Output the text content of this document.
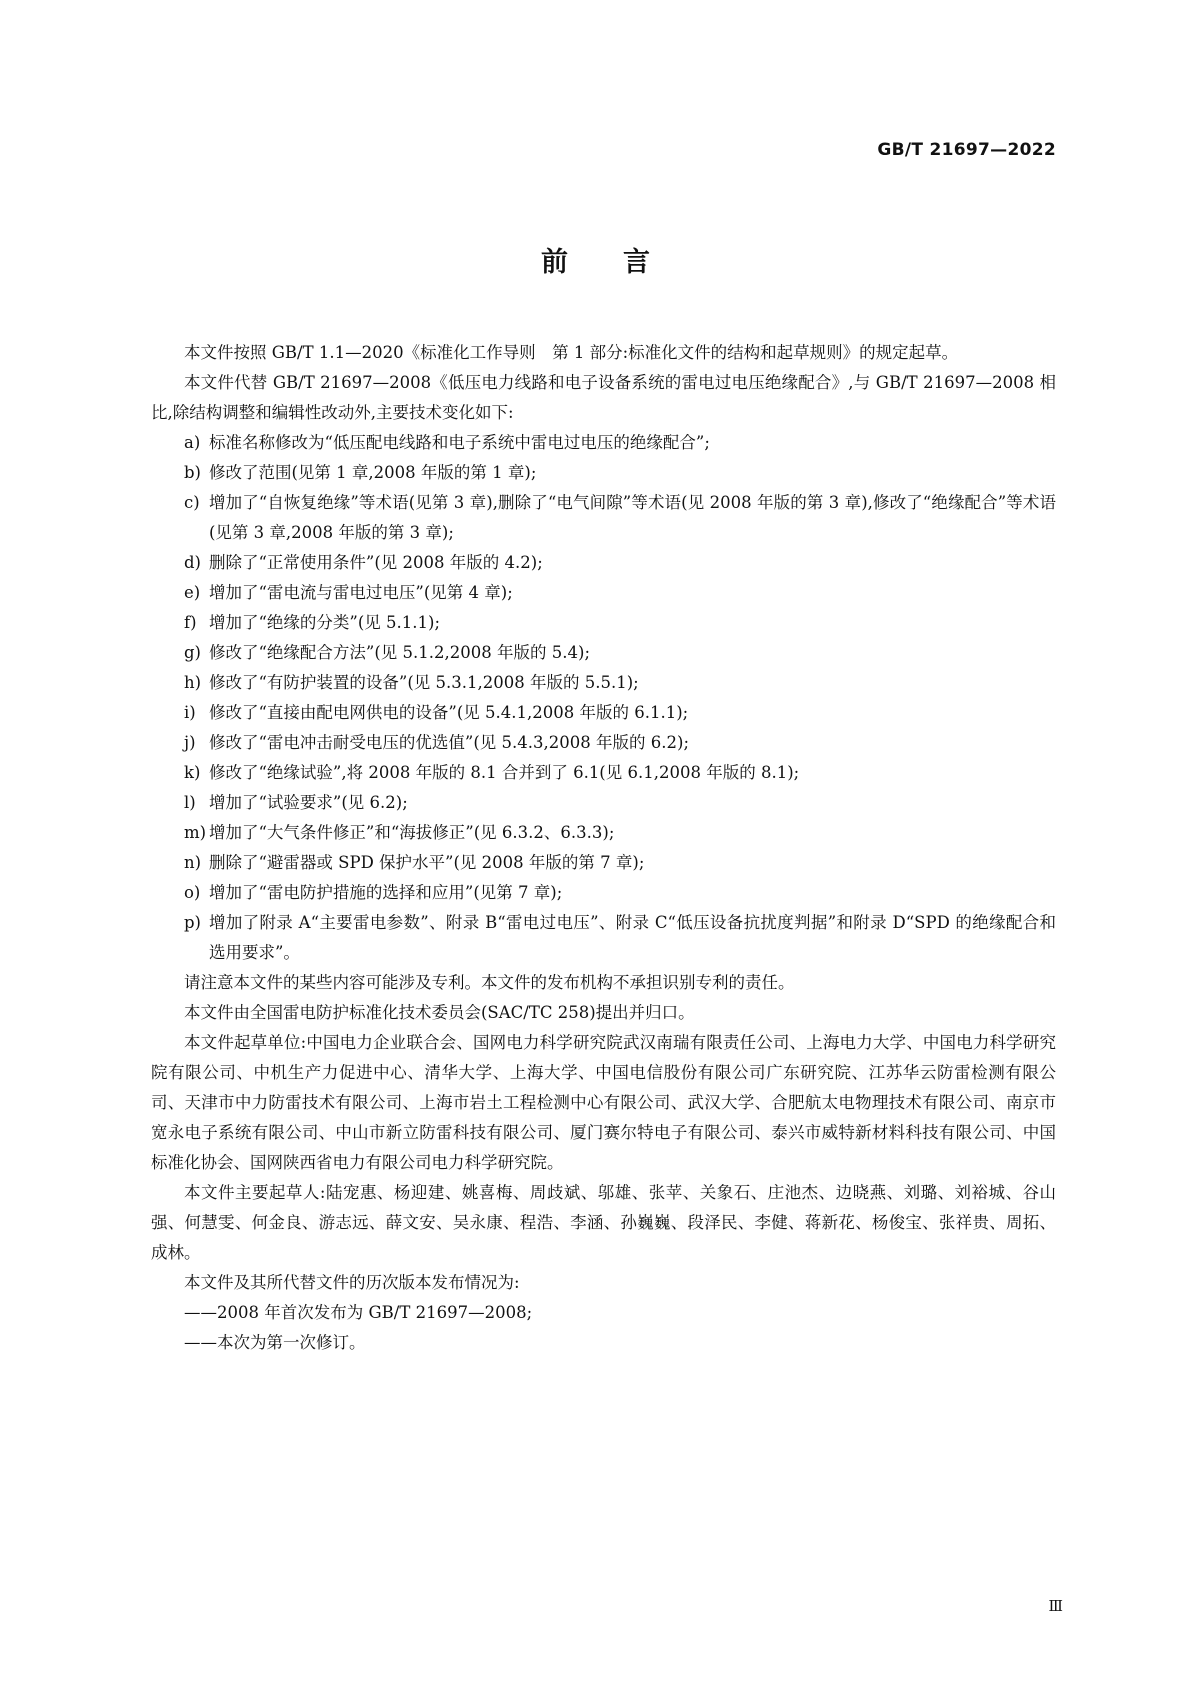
GB/T 21697—2022
前言

本文件按照 GB/T 1.1—2020《标准化工作导则　第 1 部分:标准化文件的结构和起草规则》的规定起草。

本文件代替 GB/T 21697—2008《低压电力线路和电子设备系统的雷电过电压绝缘配合》,与 GB/T 21697—2008 相比,除结构调整和编辑性改动外,主要技术变化如下:

a) 标准名称修改为“低压配电线路和电子系统中雷电过电压的绝缘配合”;

b) 修改了范围(见第 1 章,2008 年版的第 1 章);

c) 增加了“自恢复绝缘”等术语(见第 3 章),删除了“电气间隙”等术语(见 2008 年版的第 3 章),修改了“绝缘配合”等术语(见第 3 章,2008 年版的第 3 章);

d) 删除了“正常使用条件”(见 2008 年版的 4.2);

e) 增加了“雷电流与雷电过电压”(见第 4 章);

f) 增加了“绝缘的分类”(见 5.1.1);

g) 修改了“绝缘配合方法”(见 5.1.2,2008 年版的 5.4);

h) 修改了“有防护装置的设备”(见 5.3.1,2008 年版的 5.5.1);

i) 修改了“直接由配电网供电的设备”(见 5.4.1,2008 年版的 6.1.1);

j) 修改了“雷电冲击耐受电压的优选值”(见 5.4.3,2008 年版的 6.2);

k) 修改了“绝缘试验”,将 2008 年版的 8.1 合并到了 6.1(见 6.1,2008 年版的 8.1);

l) 增加了“试验要求”(见 6.2);

m) 增加了“大气条件修正”和“海拔修正”(见 6.3.2、6.3.3);

n) 删除了“避雷器或 SPD 保护水平”(见 2008 年版的第 7 章);

o) 增加了“雷电防护措施的选择和应用”(见第 7 章);

p) 增加了附录 A“主要雷电参数”、附录 B“雷电过电压”、附录 C“低压设备抗扰度判据”和附录 D“SPD 的绝缘配合和选用要求”。

请注意本文件的某些内容可能涉及专利。本文件的发布机构不承担识别专利的责任。

本文件由全国雷电防护标准化技术委员会(SAC/TC 258)提出并归口。

本文件起草单位:中国电力企业联合会、国网电力科学研究院武汉南瑞有限责任公司、上海电力大学、中国电力科学研究院有限公司、中机生产力促进中心、清华大学、上海大学、中国电信股份有限公司广东研究院、江苏华云防雷检测有限公司、天津市中力防雷技术有限公司、上海市岩土工程检测中心有限公司、武汉大学、合肥航太电物理技术有限公司、南京市宽永电子系统有限公司、中山市新立防雷科技有限公司、厦门赛尔特电子有限公司、泰兴市威特新材料科技有限公司、中国标准化协会、国网陕西省电力有限公司电力科学研究院。

本文件主要起草人:陆宠惠、杨迎建、姚喜梅、周歧斌、邬雄、张苹、关象石、庄池杰、边晓燕、刘璐、刘裕城、谷山强、何慧雯、何金良、游志远、薛文安、吴永康、程浩、李涵、孙巍巍、段泽民、李健、蒋新花、杨俊宝、张祥贵、周拓、成林。

本文件及其所代替文件的历次版本发布情况为:

——2008 年首次发布为 GB/T 21697—2008;

——本次为第一次修订。

Ⅲ
